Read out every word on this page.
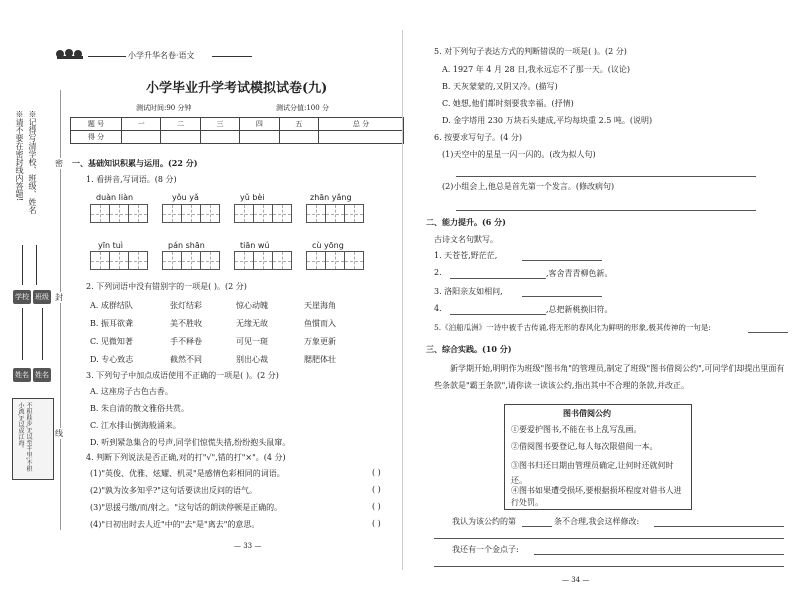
小学升华名卷·语文
小学毕业升学考试模拟试卷(九)
测试时间:90 分钟	测试分值:100 分
题 号	一	二	三	四	五	总 分
得 分						
※请不要在密封线内答题! ※记得写清学校、班级、姓名
学校 班级
姓名 姓名
不积跬步,无以至千里;不积小流,无以成江海。
密
封
线
一、基础知识积累与运用。(22 分)
1. 看拼音,写词语。(8 分)
duàn liàn	yǒu yǎ	yǔ bèi	zhān yǎng
yīn tuì	pán shān	tiān wú	cù yōng
2. 下列词语中没有错别字的一项是( )。(2 分)
A. 成群结队	张灯结彩	惊心动魄	天崖海角
B. 振耳欲聋	美不胜收	无缘无故	鱼惯而入
C. 见微知著	手不释卷	可见一斑	万象更新
D. 专心致志	截然不同	别出心裁	腮肥体壮
3. 下列句子中加点成语使用不正确的一项是( )。(2 分)
A. 这座房子古色古香。
B. 朱自清的散文雅俗共赏。
C. 江水排山倒海般涌来。
D. 听到紧急集合的号声,同学们惊慌失措,纷纷抱头鼠窜。
4. 判断下列说法是否正确,对的打"√",错的打"×"。(4 分)
(1)"英俊、优雅、炫耀、机灵"是感情色彩相同的词语。	( )
(2)"孰为汝多知乎?"这句话要读出反问的语气。	( )
(3)"思援弓缴/而/射之。"这句话的朗读停顿是正确的。	( )
(4)"日初出时去人近"中的"去"是"离去"的意思。	( )
— 33 —
5. 对下列句子表达方式的判断错误的一项是( )。(2 分)
A. 1927 年 4 月 28 日,我永远忘不了那一天。(议论)
B. 天灰蒙蒙的,又阴又冷。(描写)
C. 她想,他们都时刻要我幸福。(抒情)
D. 金字塔用 230 万块石头建成,平均每块重 2.5 吨。(说明)
6. 按要求写句子。(4 分)
(1)天空中的星星一闪一闪的。(改为拟人句)
(2)小组会上,他总是首先第一个发言。(修改病句)
二、能力提升。(6 分)
古诗文名句默写。
1. 天苍苍,野茫茫,
2.	,客舍青青柳色新。
3. 洛阳亲友如相问,
4.	,总把新桃换旧符。
5.《泊船瓜洲》一诗中被千古传诵,将无形的春风化为鲜明的形象,极其传神的一句是:
三、综合实践。(10 分)
新学期开始,明明作为班级"图书角"的管理员,制定了班级"图书借阅公约",可同学们却提出里面有些条款是"霸王条款",请你读一读该公约,指出其中不合理的条款,并改正。
图书借阅公约
①要爱护图书,不能在书上乱写乱画。
②借阅图书要登记,每人每次限借阅一本。
③图书归还日期由管理员确定,让何时还就何时还。
④图书如果遭受损坏,要根据损坏程度对借书人进行处罚。
我认为该公约的第	条不合理,我会这样修改:
我还有一个金点子:
— 34 —
